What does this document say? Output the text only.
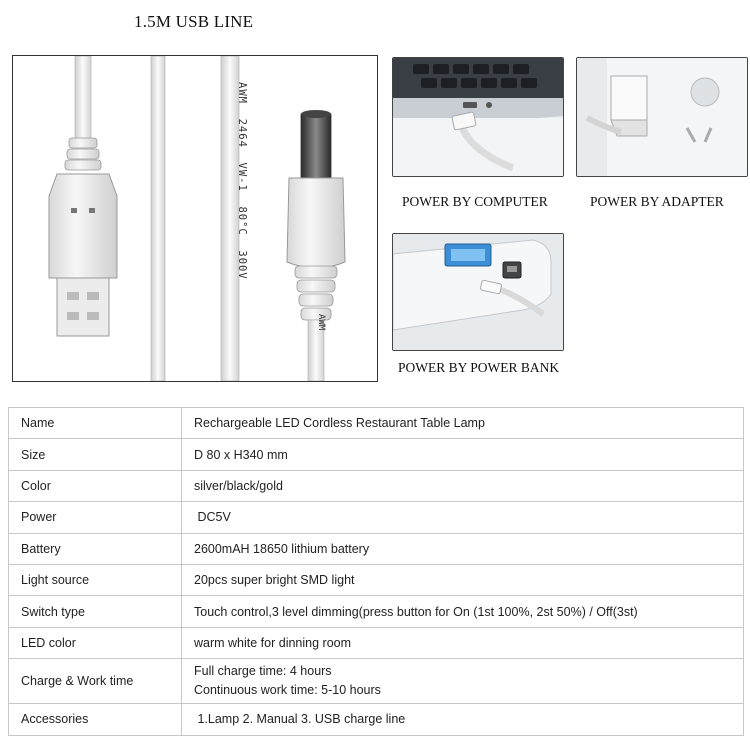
1.5M USB LINE
AWM  2464  VW-1  80°C  300V
AWM
POWER BY COMPUTER	POWER BY ADAPTER
POWER BY POWER BANK
Name	Rechargeable LED Cordless Restaurant Table Lamp
Size	D 80 x H340 mm
Color	silver/black/gold
Power	DC5V
Battery	2600mAH 18650 lithium battery
Light source	20pcs super bright SMD light
Switch type	Touch control,3 level dimming(press button for On (1st 100%, 2st 50%) / Off(3st)
LED color	warm white for dinning room
Charge & Work time	Full charge time: 4 hours
Continuous work time: 5-10 hours

Accessories	1.Lamp 2. Manual 3. USB charge line
